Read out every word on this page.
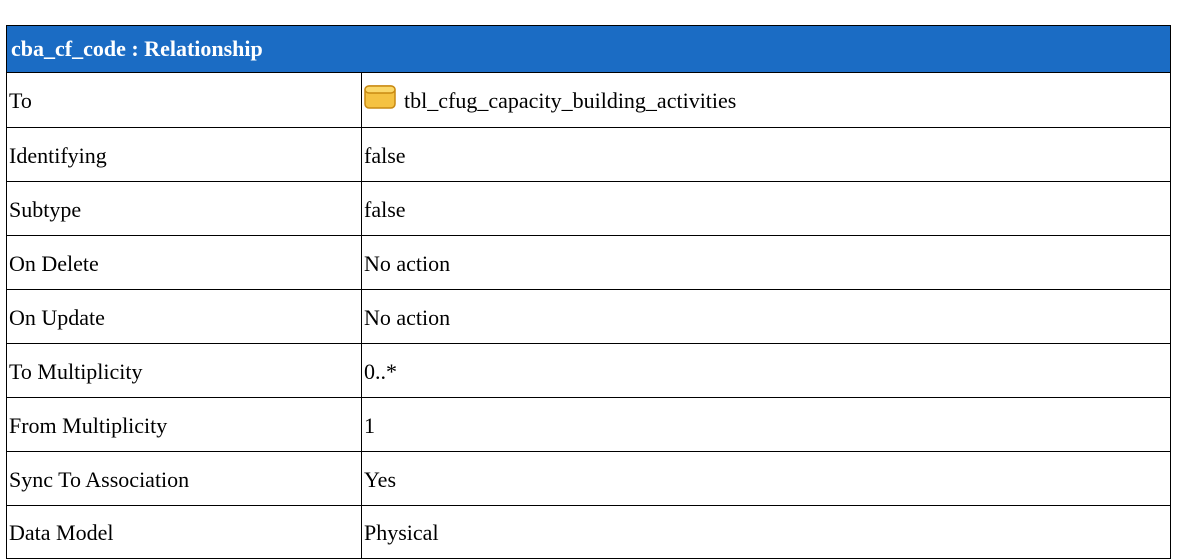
cba_cf_code : Relationship
To	tbl_cfug_capacity_building_activities
Identifying	false
Subtype	false
On Delete	No action
On Update	No action
To Multiplicity	0..*
From Multiplicity	1
Sync To Association	Yes
Data Model	Physical
